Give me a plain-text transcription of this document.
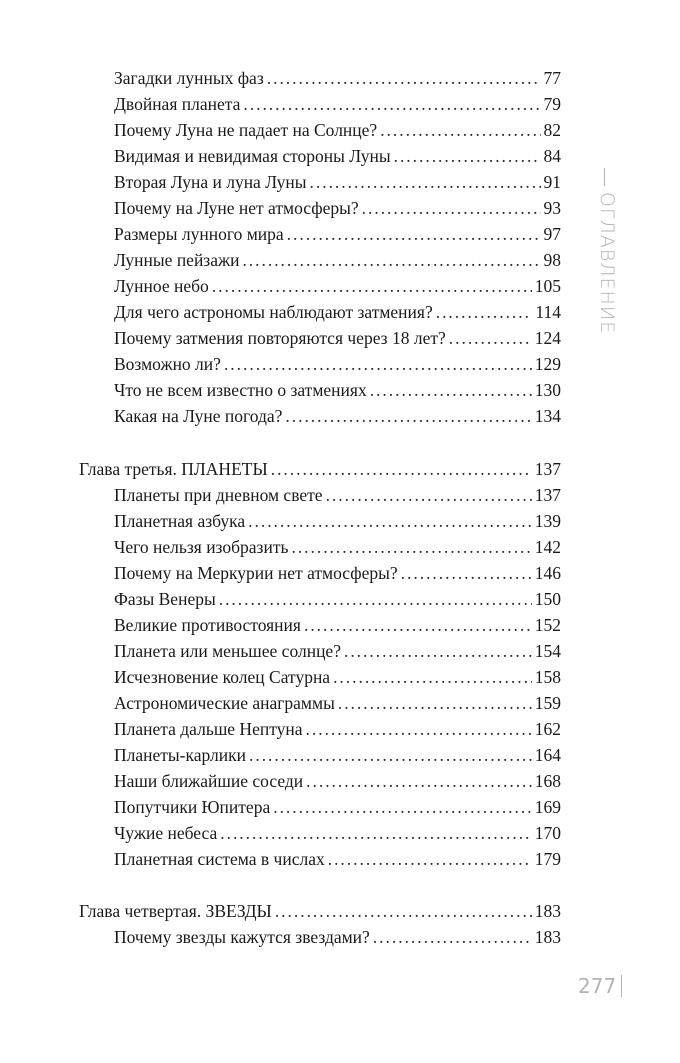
Загадки лунных фаз . . .	77
Двойная планета . . .	79
Почему Луна не падает на Солнце? . . .	82
Видимая и невидимая стороны Луны . . .	84
Вторая Луна и луна Луны . . .	91
Почему на Луне нет атмосферы? . . .	93
Размеры лунного мира . . .	97
Лунные пейзажи . . .	98
Лунное небо . . .	105
Для чего астрономы наблюдают затмения? . . .	114
Почему затмения повторяются через 18 лет? . . .	124
Возможно ли? . . .	129
Что не всем известно о затмениях . . .	130
Какая на Луне погода? . . .	134
Глава третья. ПЛАНЕТЫ . . .	137
Планеты при дневном свете . . .	137
Планетная азбука . . .	139
Чего нельзя изобразить . . .	142
Почему на Меркурии нет атмосферы? . . .	146
Фазы Венеры . . .	150
Великие противостояния . . .	152
Планета или меньшее солнце? . . .	154
Исчезновение колец Сатурна . . .	158
Астрономические анаграммы . . .	159
Планета дальше Нептуна . . .	162
Планеты-карлики . . .	164
Наши ближайшие соседи . . .	168
Попутчики Юпитера . . .	169
Чужие небеса . . .	170
Планетная система в числах . . .	179
Глава четвертая. ЗВЕЗДЫ . . .	183
Почему звезды кажутся звездами? . . .	183
ОГЛАВЛЕНИЕ
277
